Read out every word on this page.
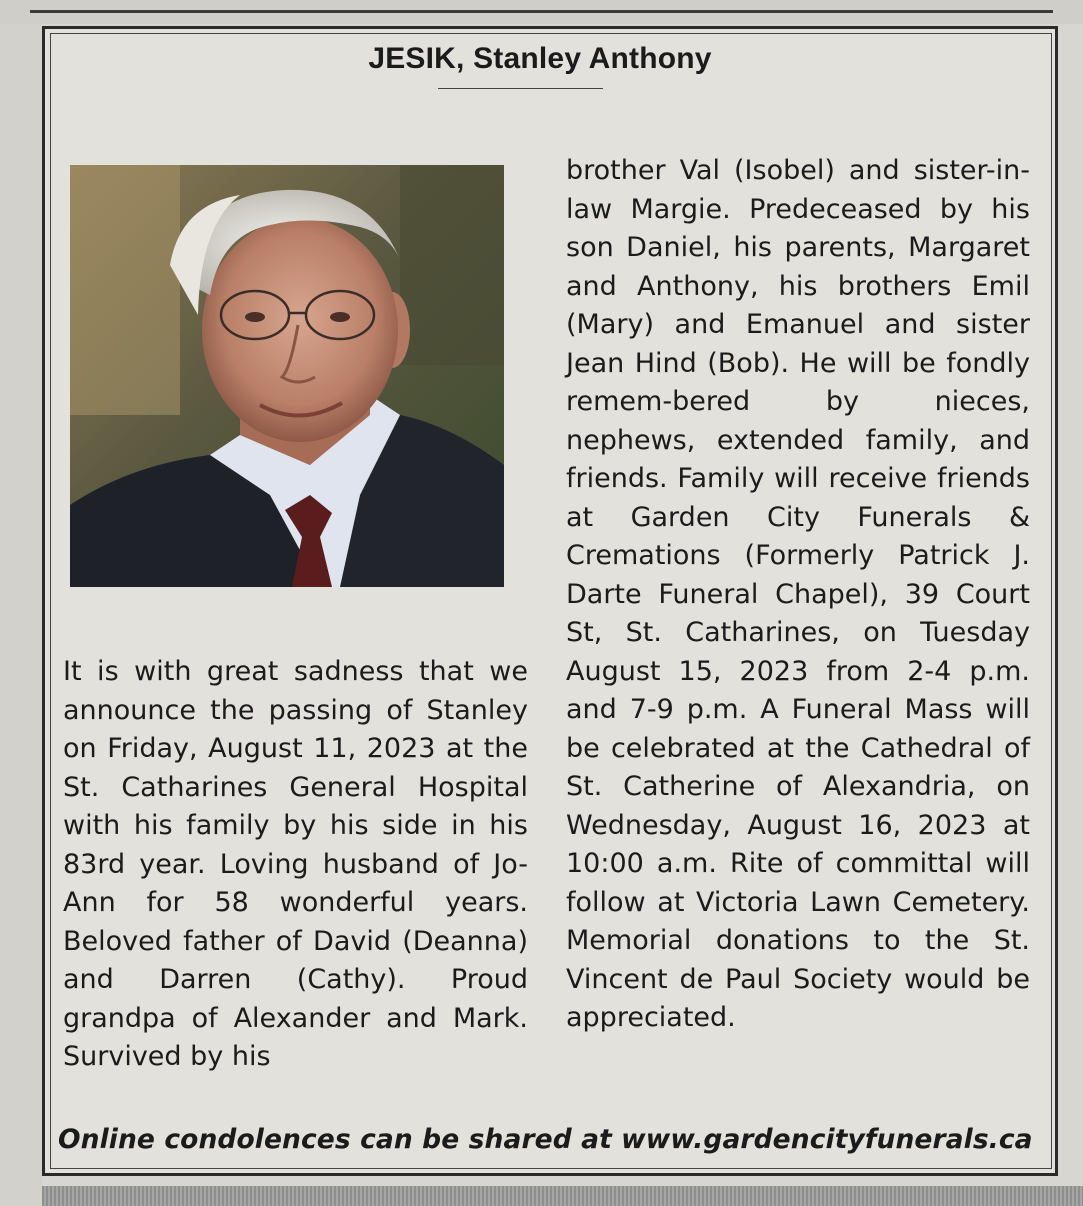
JESIK, Stanley Anthony

It is with great sadness that we announce the passing of Stanley on Friday, August 11, 2023 at the St. Catharines General Hospital with his family by his side in his 83rd year. Loving husband of Jo-Ann for 58 wonderful years. Beloved father of David (Deanna) and Darren (Cathy). Proud grandpa of Alexander and Mark. Survived by his

brother Val (Isobel) and sister-in-law Margie. Predeceased by his son Daniel, his parents, Margaret and Anthony, his brothers Emil (Mary) and Emanuel and sister Jean Hind (Bob). He will be fondly remem-bered by nieces, nephews, extended family, and friends. Family will receive friends at Garden City Funerals & Cremations (Formerly Patrick J. Darte Funeral Chapel), 39 Court St, St. Catharines, on Tuesday August 15, 2023 from 2-4 p.m. and 7-9 p.m. A Funeral Mass will be celebrated at the Cathedral of St. Catherine of Alexandria, on Wednesday, August 16, 2023 at 10:00 a.m. Rite of committal will follow at Victoria Lawn Cemetery. Memorial donations to the St. Vincent de Paul Society would be appreciated.

Online condolences can be shared at www.gardencityfunerals.ca
